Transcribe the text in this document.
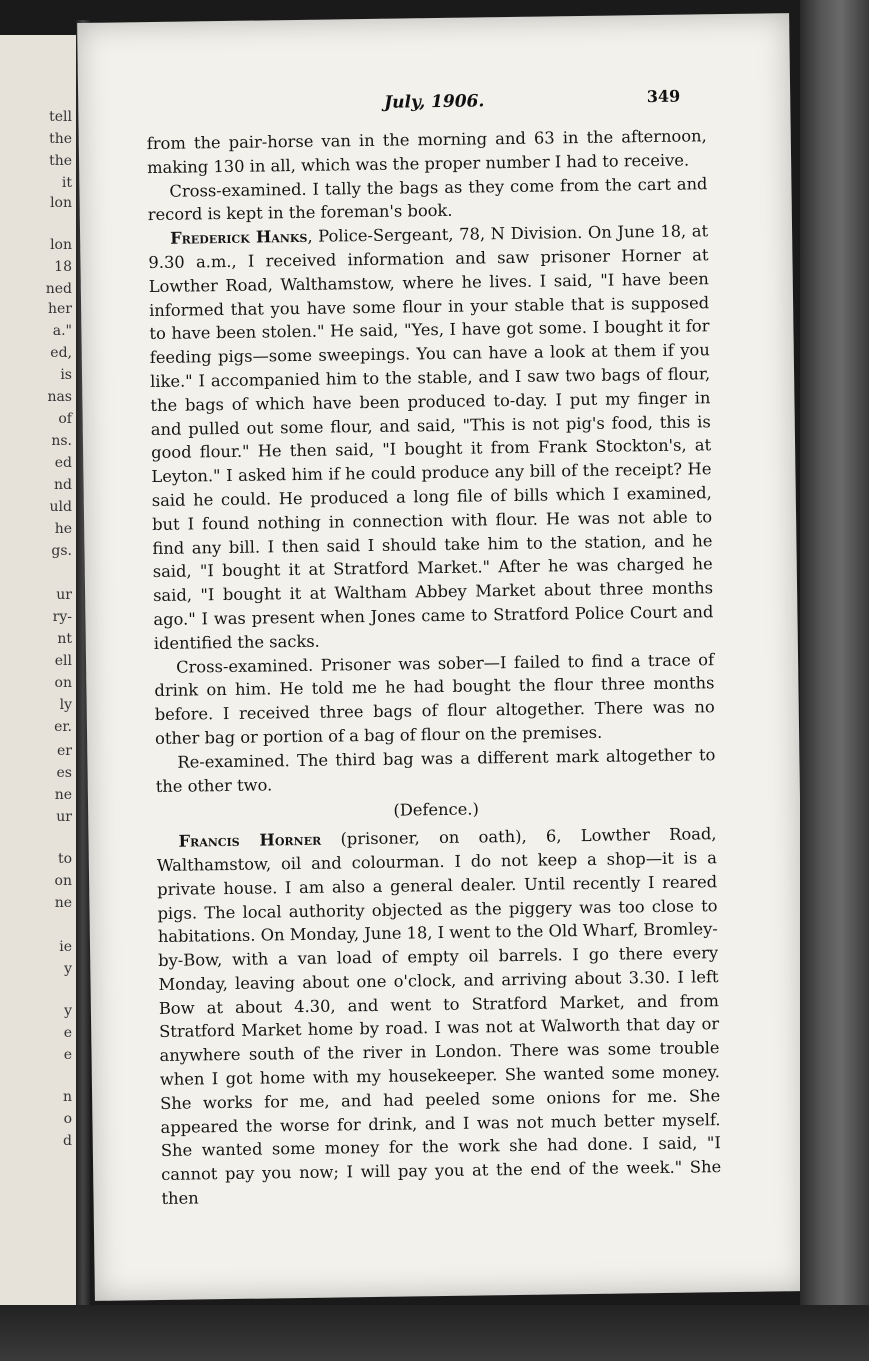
tell
the
the
it
lon
lon
18
ned
her
a."
ed,
is
nas
of
ns.
ed
nd
uld
he
gs.
ur
ry-
nt
ell
on
ly
er.
er
es
ne
ur
to
on
ne
ie
y
y
e
e
n
o
d
July, 1906.	349

from the pair-horse van in the morning and 63 in the afternoon, making 130 in all, which was the proper number I had to receive.

Cross-examined. I tally the bags as they come from the cart and record is kept in the foreman's book.

Frederick Hanks, Police-Sergeant, 78, N Division. On June 18, at 9.30 a.m., I received information and saw prisoner Horner at Lowther Road, Walthamstow, where he lives. I said, "I have been informed that you have some flour in your stable that is supposed to have been stolen." He said, "Yes, I have got some. I bought it for feeding pigs—some sweepings. You can have a look at them if you like." I accompanied him to the stable, and I saw two bags of flour, the bags of which have been produced to-day. I put my finger in and pulled out some flour, and said, "This is not pig's food, this is good flour." He then said, "I bought it from Frank Stockton's, at Leyton." I asked him if he could produce any bill of the receipt? He said he could. He produced a long file of bills which I examined, but I found nothing in connection with flour. He was not able to find any bill. I then said I should take him to the station, and he said, "I bought it at Stratford Market." After he was charged he said, "I bought it at Waltham Abbey Market about three months ago." I was present when Jones came to Stratford Police Court and identified the sacks.

Cross-examined. Prisoner was sober—I failed to find a trace of drink on him. He told me he had bought the flour three months before. I received three bags of flour altogether. There was no other bag or portion of a bag of flour on the premises.

Re-examined. The third bag was a different mark altogether to the other two.

(Defence.)

Francis Horner (prisoner, on oath), 6, Lowther Road, Walthamstow, oil and colourman. I do not keep a shop—it is a private house. I am also a general dealer. Until recently I reared pigs. The local authority objected as the piggery was too close to habitations. On Monday, June 18, I went to the Old Wharf, Bromley-by-Bow, with a van load of empty oil barrels. I go there every Monday, leaving about one o'clock, and arriving about 3.30. I left Bow at about 4.30, and went to Stratford Market, and from Stratford Market home by road. I was not at Walworth that day or anywhere south of the river in London. There was some trouble when I got home with my housekeeper. She wanted some money. She works for me, and had peeled some onions for me. She appeared the worse for drink, and I was not much better myself. She wanted some money for the work she had done. I said, "I cannot pay you now; I will pay you at the end of the week." She then
